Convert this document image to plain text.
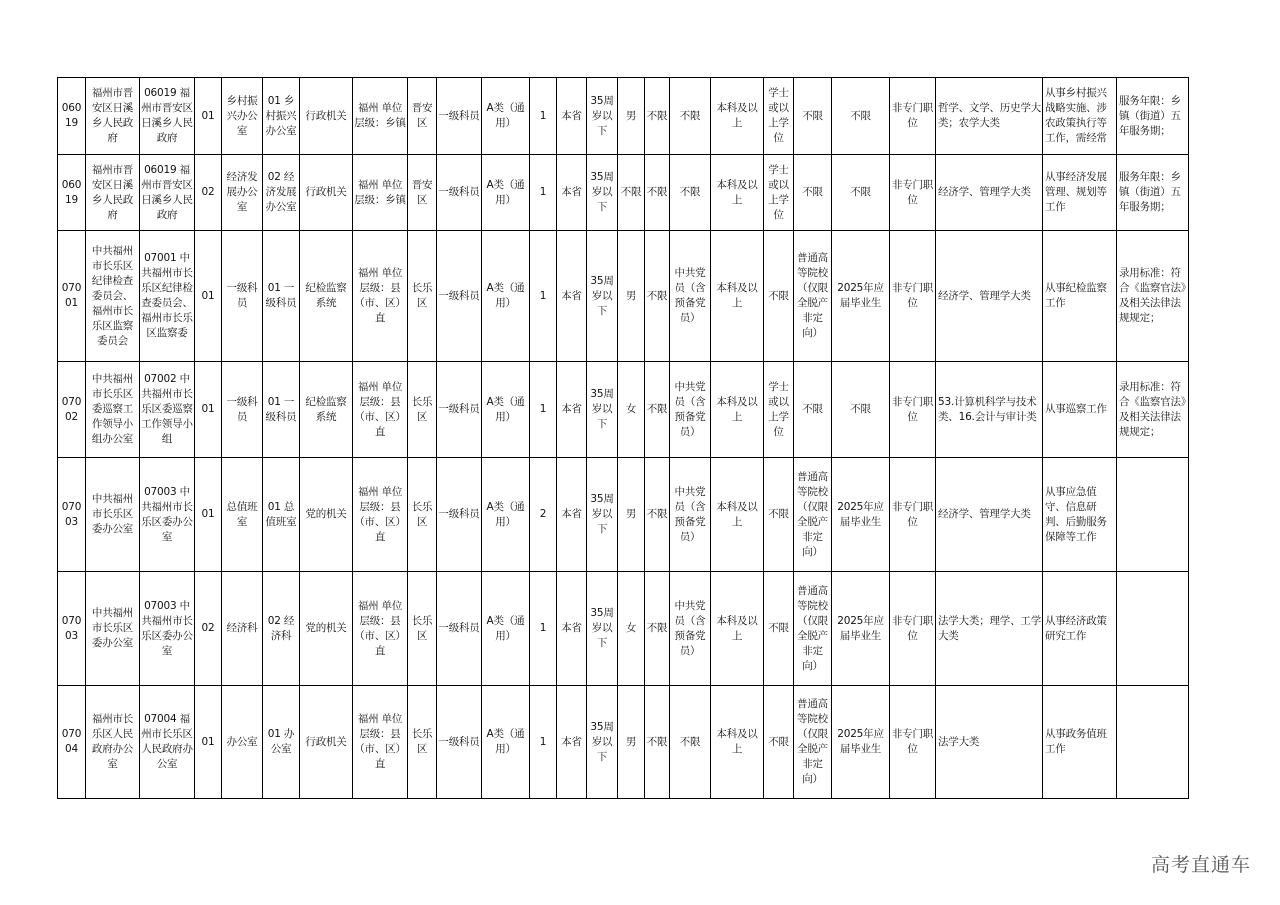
06019	福州市晋安区日溪乡人民政府	06019 福州市晋安区日溪乡人民政府	01	乡村振兴办公室	01 乡村振兴办公室	行政机关	福州 单位层级：乡镇	晋安区	一级科员	A类（通用）	1	本省	35周岁以下	男	不限	不限	本科及以上	学士或以上学位	不限	不限	非专门职位	哲学、文学、历史学大类；农学大类	从事乡村振兴战略实施、涉农政策执行等工作，需经常	服务年限：乡镇（街道）五年服务期；
06019	福州市晋安区日溪乡人民政府	06019 福州市晋安区日溪乡人民政府	02	经济发展办公室	02 经济发展办公室	行政机关	福州 单位层级：乡镇	晋安区	一级科员	A类（通用）	1	本省	35周岁以下	不限	不限	不限	本科及以上	学士或以上学位	不限	不限	非专门职位	经济学、管理学大类	从事经济发展管理、规划等工作	服务年限：乡镇（街道）五年服务期；
07001	中共福州市长乐区纪律检查委员会、福州市长乐区监察委员会	07001 中共福州市长乐区纪律检查委员会、福州市长乐区监察委	01	一级科员	01 一级科员	纪检监察系统	福州 单位层级：县（市、区）直	长乐区	一级科员	A类（通用）	1	本省	35周岁以下	男	不限	中共党员（含预备党员）	本科及以上	不限	普通高等院校（仅限全脱产非定向）	2025年应届毕业生	非专门职位	经济学、管理学大类	从事纪检监察工作	录用标准：符合《监察官法》及相关法律法规规定；
07002	中共福州市长乐区委巡察工作领导小组办公室	07002 中共福州市长乐区委巡察工作领导小组	01	一级科员	01 一级科员	纪检监察系统	福州 单位层级：县（市、区）直	长乐区	一级科员	A类（通用）	1	本省	35周岁以下	女	不限	中共党员（含预备党员）	本科及以上	学士或以上学位	不限	不限	非专门职位	53.计算机科学与技术类、16.会计与审计类	从事巡察工作	录用标准：符合《监察官法》及相关法律法规规定；
07003	中共福州市长乐区委办公室	07003 中共福州市长乐区委办公室	01	总值班室	01 总值班室	党的机关	福州 单位层级：县（市、区）直	长乐区	一级科员	A类（通用）	2	本省	35周岁以下	男	不限	中共党员（含预备党员）	本科及以上	不限	普通高等院校（仅限全脱产非定向）	2025年应届毕业生	非专门职位	经济学、管理学大类	从事应急值守、信息研判、后勤服务保障等工作	
07003	中共福州市长乐区委办公室	07003 中共福州市长乐区委办公室	02	经济科	02 经济科	党的机关	福州 单位层级：县（市、区）直	长乐区	一级科员	A类（通用）	1	本省	35周岁以下	女	不限	中共党员（含预备党员）	本科及以上	不限	普通高等院校（仅限全脱产非定向）	2025年应届毕业生	非专门职位	法学大类；理学、工学大类	从事经济政策研究工作	
07004	福州市长乐区人民政府办公室	07004 福州市长乐区人民政府办公室	01	办公室	01 办公室	行政机关	福州 单位层级：县（市、区）直	长乐区	一级科员	A类（通用）	1	本省	35周岁以下	男	不限	不限	本科及以上	不限	普通高等院校（仅限全脱产非定向）	2025年应届毕业生	非专门职位	法学大类	从事政务值班工作	
高考直通车
